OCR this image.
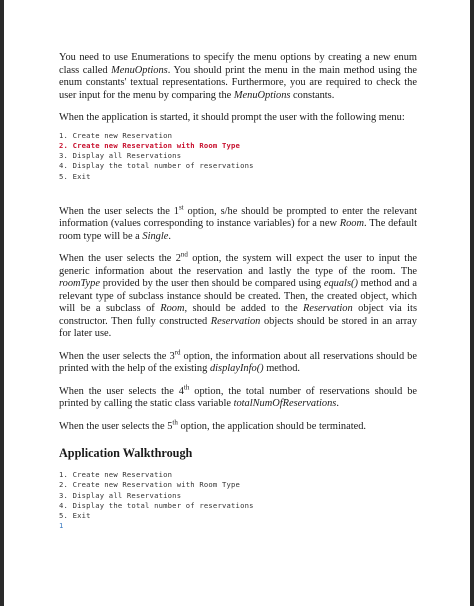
You need to use Enumerations to specify the menu options by creating a new enum class called MenuOptions. You should print the menu in the main method using the enum constants' textual representations. Furthermore, you are required to check the user input for the menu by comparing the MenuOptions constants.

When the application is started, it should prompt the user with the following menu:

1. Create new Reservation
2. Create new Reservation with Room Type
3. Display all Reservations
4. Display the total number of reservations
5. Exit

When the user selects the 1st option, s/he should be prompted to enter the relevant information (values corresponding to instance variables) for a new Room. The default room type will be a Single.

When the user selects the 2nd option, the system will expect the user to input the generic information about the reservation and lastly the type of the room. The roomType provided by the user then should be compared using equals() method and a relevant type of subclass instance should be created. Then, the created object, which will be a subclass of Room, should be added to the Reservation object via its constructor. Then fully constructed Reservation objects should be stored in an array for later use.

When the user selects the 3rd option, the information about all reservations should be printed with the help of the existing displayInfo() method.

When the user selects the 4th option, the total number of reservations should be printed by calling the static class variable totalNumOfReservations.

When the user selects the 5th option, the application should be terminated.

Application Walkthrough
1. Create new Reservation
2. Create new Reservation with Room Type
3. Display all Reservations
4. Display the total number of reservations
5. Exit
1
